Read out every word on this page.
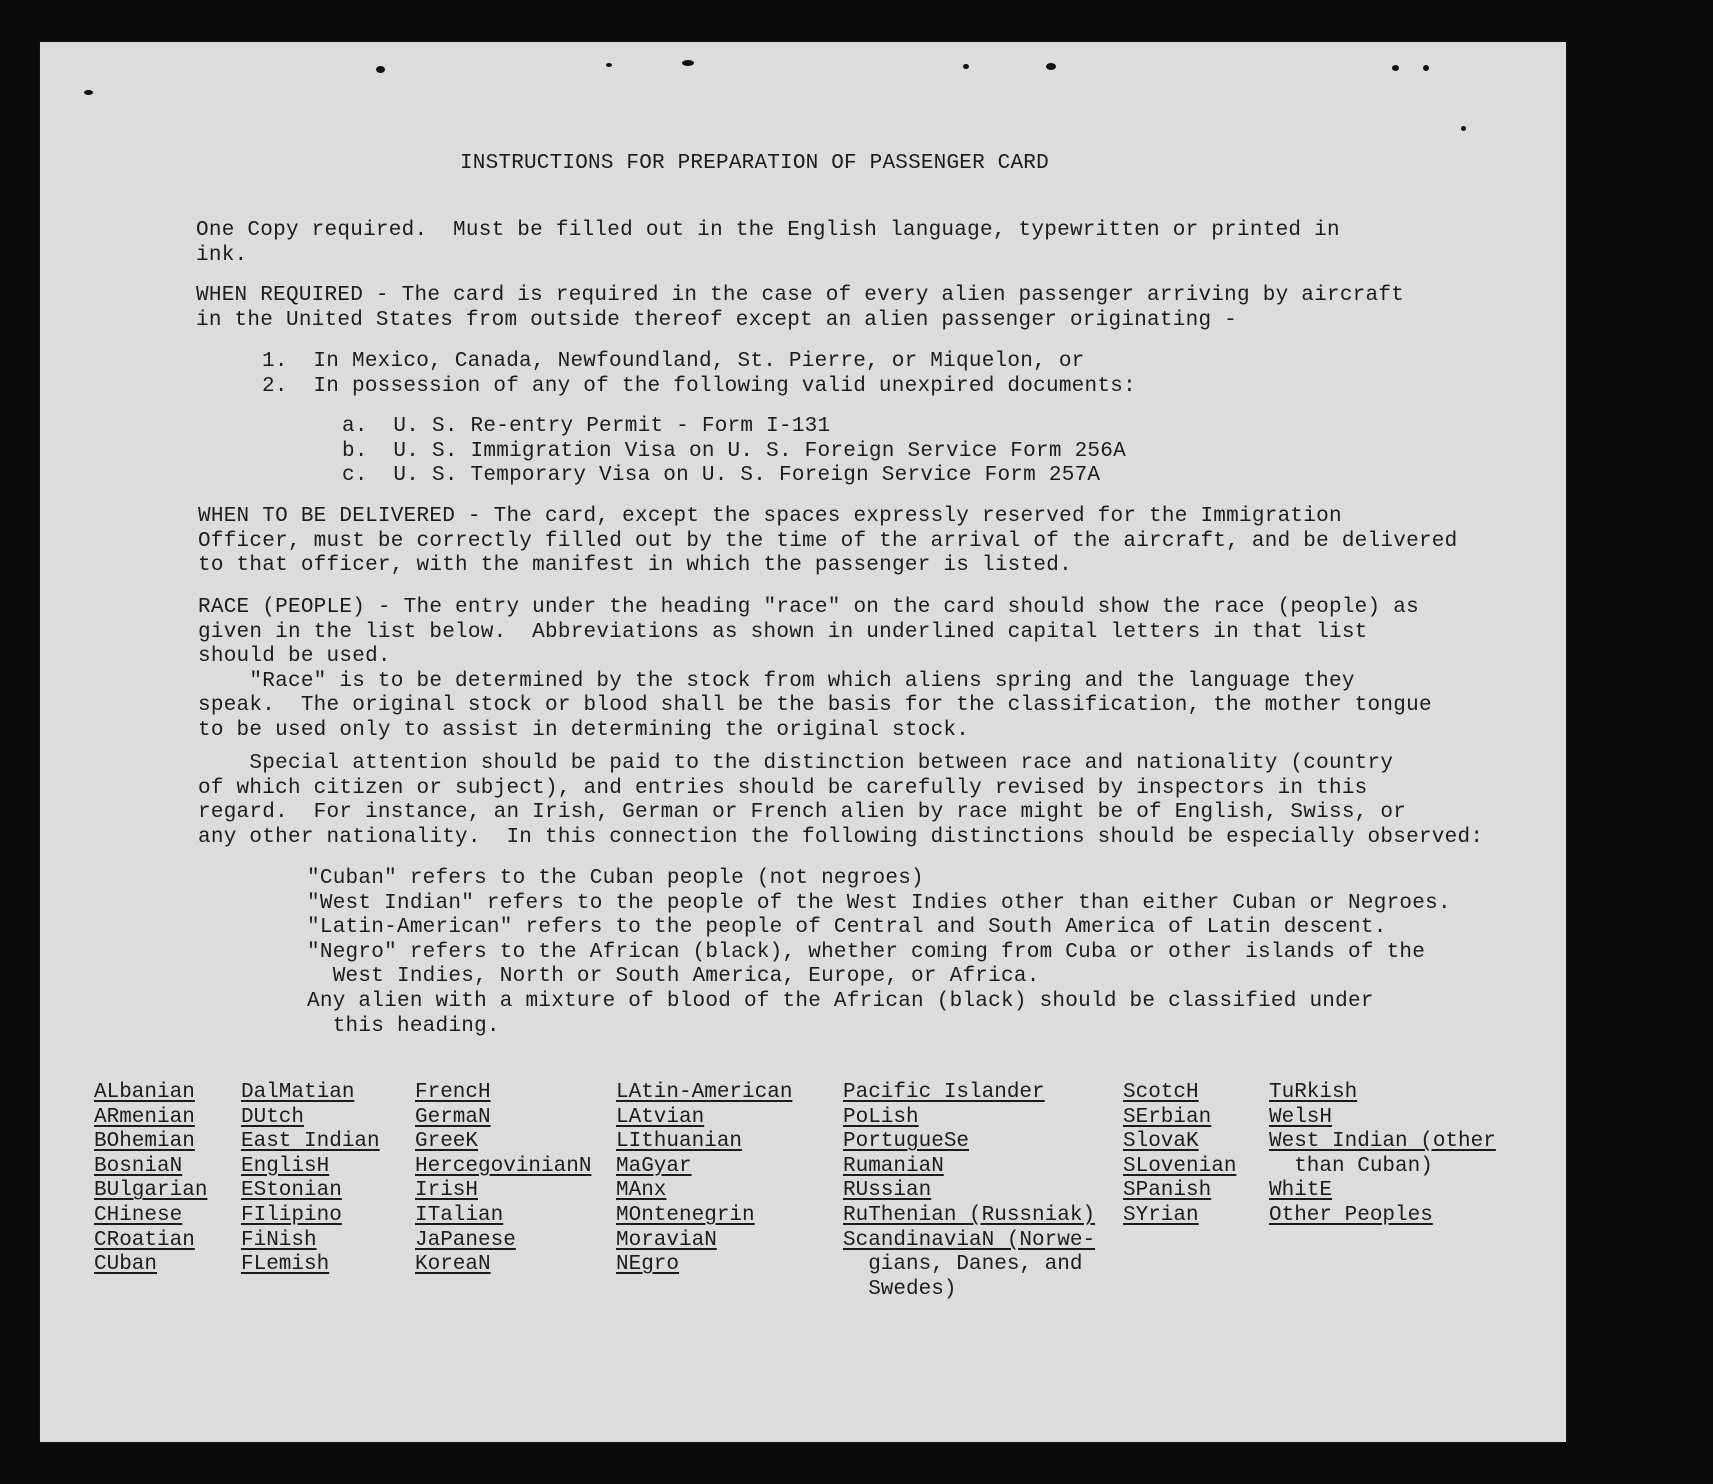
INSTRUCTIONS FOR PREPARATION OF PASSENGER CARD
One Copy required.  Must be filled out in the English language, typewritten or printed in
ink.
WHEN REQUIRED - The card is required in the case of every alien passenger arriving by aircraft
in the United States from outside thereof except an alien passenger originating -
1.  In Mexico, Canada, Newfoundland, St. Pierre, or Miquelon, or
2.  In possession of any of the following valid unexpired documents:
a.  U. S. Re-entry Permit - Form I-131
b.  U. S. Immigration Visa on U. S. Foreign Service Form 256A
c.  U. S. Temporary Visa on U. S. Foreign Service Form 257A
WHEN TO BE DELIVERED - The card, except the spaces expressly reserved for the Immigration
Officer, must be correctly filled out by the time of the arrival of the aircraft, and be delivered
to that officer, with the manifest in which the passenger is listed.
RACE (PEOPLE) - The entry under the heading "race" on the card should show the race (people) as
given in the list below.  Abbreviations as shown in underlined capital letters in that list
should be used.
"Race" is to be determined by the stock from which aliens spring and the language they
speak.  The original stock or blood shall be the basis for the classification, the mother tongue
to be used only to assist in determining the original stock.
Special attention should be paid to the distinction between race and nationality (country
of which citizen or subject), and entries should be carefully revised by inspectors in this
regard.  For instance, an Irish, German or French alien by race might be of English, Swiss, or
any other nationality.  In this connection the following distinctions should be especially observed:
"Cuban" refers to the Cuban people (not negroes)
"West Indian" refers to the people of the West Indies other than either Cuban or Negroes.
"Latin-American" refers to the people of Central and South America of Latin descent.
"Negro" refers to the African (black), whether coming from Cuba or other islands of the
West Indies, North or South America, Europe, or Africa.
Any alien with a mixture of blood of the African (black) should be classified under
this heading.
ALbanian
ARmenian
BOhemian
BosniaN
BUlgarian
CHinese
CRoatian
CUban
DalMatian
DUtch
East Indian
EnglisH
EStonian
FIlipino
FiNish
FLemish
FrencH
GermaN
GreeK
HercegovinianN
IrisH
ITalian
JaPanese
KoreaN
LAtin-American
LAtvian
LIthuanian
MaGyar
MAnx
MOntenegrin
MoraviaN
NEgro
Pacific Islander
PoLish
PortugueSe
RumaniaN
RUssian
RuThenian (Russniak)
ScandinaviaN (Norwe-
gians, Danes, and
Swedes)
ScotcH
SErbian
SlovaK
SLovenian
SPanish
SYrian
TuRkish
WelsH
West Indian (other
than Cuban)
WhitE
Other Peoples
